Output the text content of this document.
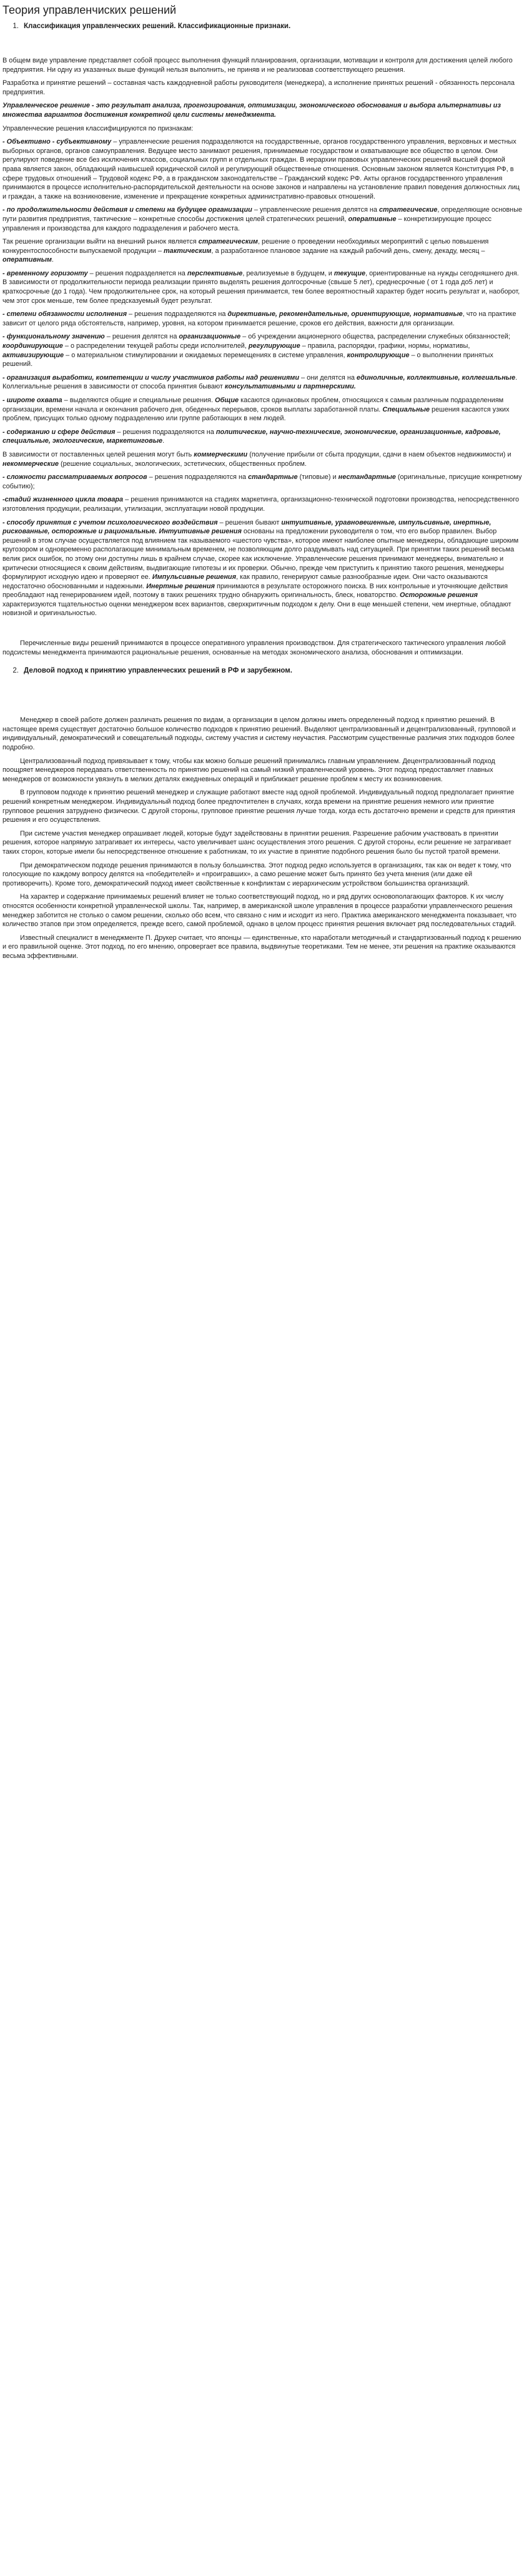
Теория управленчиских решений
1. Классификация управленческих решений. Классификационные признаки.

В общем виде управление представляет собой процесс выполнения функций планирования, организации, мотивации и контроля для достижения целей любого предприятия. Ни одну из указанных выше функций нельзя выполнить, не приняв и не реализовав соответствующего решения.

Разработка и принятие решений – составная часть каждодневной работы руководителя (менеджера), а исполнение принятых решений - обязанность персонала предприятия.

Управленческое решение - это результат анализа, прогнозирования, оптимизации, экономического обоснования и выбора альтернативы из множества вариантов достижения конкретной цели системы менеджмента.

Управленческие решения классифицируются по признакам:

- Объективно - субъективному – управленческие решения подразделяются на государственные, органов государственного управления, верховных и местных выборных органов, органов самоуправления. Ведущее место занимают решения, принимаемые государством и охватывающие все общество в целом. Они регулируют поведение все без исключения классов, социальных групп и отдельных граждан. В иерархии правовых управленческих решений высшей формой права является закон, обладающий наивысшей юридической силой и регулирующий общественные отношения. Основным законом является Конституция РФ, в сфере трудовых отношений – Трудовой кодекс РФ, а в гражданском законодательстве – Гражданский кодекс РФ. Акты органов государственного управления принимаются в процессе исполнительно-распорядительской деятельности на основе законов и направлены на установление правил поведения должностных лиц и граждан, а также на возникновение, изменение и прекращение конкретных административно-правовых отношений.

- по продолжительности действия и степени на будущее организации – управленческие решения делятся на стратегические, определяющие основные пути развития предприятия, тактические – конкретные способы достижения целей стратегических решений, оперативные – конкретизирующие процесс управления и производства для каждого подразделения и рабочего места.

Так решение организации выйти на внешний рынок является стратегическим, решение о проведении необходимых мероприятий с целью повышения конкурентоспособности выпускаемой продукции – тактическим, а разработанное плановое задание на каждый рабочий день, смену, декаду, месяц – оперативным.

- временному горизонту – решения подразделяется на перспективные, реализуемые в будущем, и текущие, ориентированные на нужды сегодняшнего дня. В зависимости от продолжительности периода реализации принято выделять решения долгосрочные (свыше 5 лет), среднесрочные ( от 1 года до5 лет) и краткосрочные (до 1 года). Чем продолжительнее срок, на который решения принимается, тем более вероятностный характер будет носить результат и, наоборот, чем этот срок меньше, тем более предсказуемый будет результат.

- степени обязанности исполнения – решения подразделяются на директивные, рекомендательные, ориентирующие, нормативные, что на практике зависит от целого ряда обстоятельств, например, уровня, на котором принимается решение, сроков его действия, важности для организации.

- функциональному значению – решения делятся на организационные – об учреждении акционерного общества, распределении служебных обязанностей; координирующие – о распределении текущей работы среди исполнителей, регулирующие – правила, распорядки, графики, нормы, нормативы, активизирующие – о материальном стимулировании и ожидаемых перемещениях в системе управления, контролирующие – о выполнении принятых решений.

- организация выработки, компетенции и числу участников работы над решениями – они делятся на единоличные, коллективные, коллегиальные. Коллегиальные решения в зависимости от способа принятия бывают консультативными и партнерскими.

- широте охвата – выделяются общие и специальные решения. Общие касаются одинаковых проблем, относящихся к самым различным подразделениям организации, времени начала и окончания рабочего дня, обеденных перерывов, сроков выплаты заработанной платы. Специальные решения касаются узких проблем, присущих только одному подразделению или группе работающих в нем людей.

- содержанию и сфере действия – решения подразделяются на политические, научно-технические, экономические, организационные, кадровые, специальные, экологические, маркетинговые.

В зависимости от поставленных целей решения могут быть коммерческими (получение прибыли от сбыта продукции, сдачи в наем объектов недвижимости) и некоммерческие (решение социальных, экологических, эстетических, общественных проблем.

- сложности рассматриваемых вопросов – решения подразделяются на стандартные (типовые) и нестандартные (оригинальные, присущие конкретному событию);

-стадий жизненного цикла товара – решения принимаются на стадиях маркетинга, организационно-технической подготовки производства, непосредственного изготовления продукции, реализации, утилизации, эксплуатации новой продукции.

- способу принятия с учетом психологического воздействия – решения бывают интуитивные, уравновешенные, импульсивные, инертные, рискованные, осторожные и рациональные. Интуитивные решения основаны на предложении руководителя о том, что его выбор правилен. Выбор решений в этом случае осуществляется под влиянием так называемого «шестого чувства», которое имеют наиболее опытные менеджеры, обладающие широким кругозором и одновременно располагающие минимальным временем, не позволяющим долго раздумывать над ситуацией. При принятии таких решений весьма велик риск ошибок, по этому они доступны лишь в крайнем случае, скорее как исключение. Управленческие решения принимают менеджеры, внимательно и критически относящиеся к своим действиям, выдвигающие гипотезы и их проверки. Обычно, прежде чем приступить к принятию такого решения, менеджеры формулируют исходную идею и проверяют ее. Импульсивные решения, как правило, генерируют самые разнообразные идеи. Они часто оказываются недостаточно обоснованными и надежными. Инертные решения принимаются в результате осторожного поиска. В них контрольные и уточняющие действия преобладают над генерированием идей, поэтому в таких решениях трудно обнаружить оригинальность, блеск, новаторство. Осторожные решения характеризуются тщательностью оценки менеджером всех вариантов, сверхкритичным подходом к делу. Они в еще меньшей степени, чем инертные, обладают новизной и оригинальностью.

Перечисленные виды решений принимаются в процессе оперативного управления производством. Для стратегического тактического управления любой подсистемы менеджмента принимаются рациональные решения, основанные на методах экономического анализа, обоснования и оптимизации.

2. Деловой подход к принятию управленческих решений в РФ и зарубежном.

Менеджер в своей работе должен различать решения по видам, а организации в целом должны иметь определенный подход к принятию решений. В настоящее время существует достаточно большое количество подходов к принятию решений. Выделяют централизованный и децентрализованный, групповой и индивидуальный, демократический и совещательный подходы, систему участия и систему неучастия. Рассмотрим существенные различия этих подходов более подробно.

Централизованный подход привязывает к тому, чтобы как можно больше решений принимались главным управлением. Децентрализованный подход поощряет менеджеров передавать ответственность по принятию решений на самый низкий управленческий уровень. Этот подход предоставляет главных менеджеров от возможности увязнуть в мелких деталях ежедневных операций и приближает решение проблем к месту их возникновения.

В групповом подходе к принятию решений менеджер и служащие работают вместе над одной проблемой. Индивидуальный подход предполагает принятие решений конкретным менеджером. Индивидуальный подход более предпочтителен в случаях, когда времени на принятие решения немного или принятие групповое решения затруднено физически. С другой стороны, групповое принятие решения лучше тогда, когда есть достаточно времени и средств для принятия решения и его осуществления.

При системе участия менеджер опрашивает людей, которые будут задействованы в принятии решения. Разрешение рабочим участвовать в принятии решения, которое напрямую затрагивает их интересы, часто увеличивает шанс осуществления этого решения. С другой стороны, если решение не затрагивает таких сторон, которые имели бы непосредственное отношение к работникам, то их участие в принятие подобного решения было бы пустой тратой времени.

При демократическом подходе решения принимаются в пользу большинства. Этот подход редко используется в организациях, так как он ведет к тому, что голосующие по каждому вопросу делятся на «победителей» и «проигравших», а само решение может быть принято без учета мнения (или даже ей противоречить). Кроме того, демократический подход имеет свойственные к конфликтам с иерархическим устройством большинства организаций.

На характер и содержание принимаемых решений влияет не только соответствующий подход, но и ряд других основополагающих факторов. К их числу относятся особенности конкретной управленческой школы. Так, например, в американской школе управления в процессе разработки управленческого решения менеджер заботится не столько о самом решении, сколько обо всем, что связано с ним и исходит из него. Практика американского менеджмента показывает, что количество этапов при этом определяется, прежде всего, самой проблемой, однако в целом процесс принятия решения включает ряд последовательных стадий.

Известный специалист в менеджменте П. Друкер считает, что японцы — единственные, кто наработали методичный и стандартизованный подход к решению и его правильной оценке. Этот подход, по его мнению, опровергает все правила, выдвинутые теоретиками. Тем не менее, эти решения на практике оказываются весьма эффективными.
